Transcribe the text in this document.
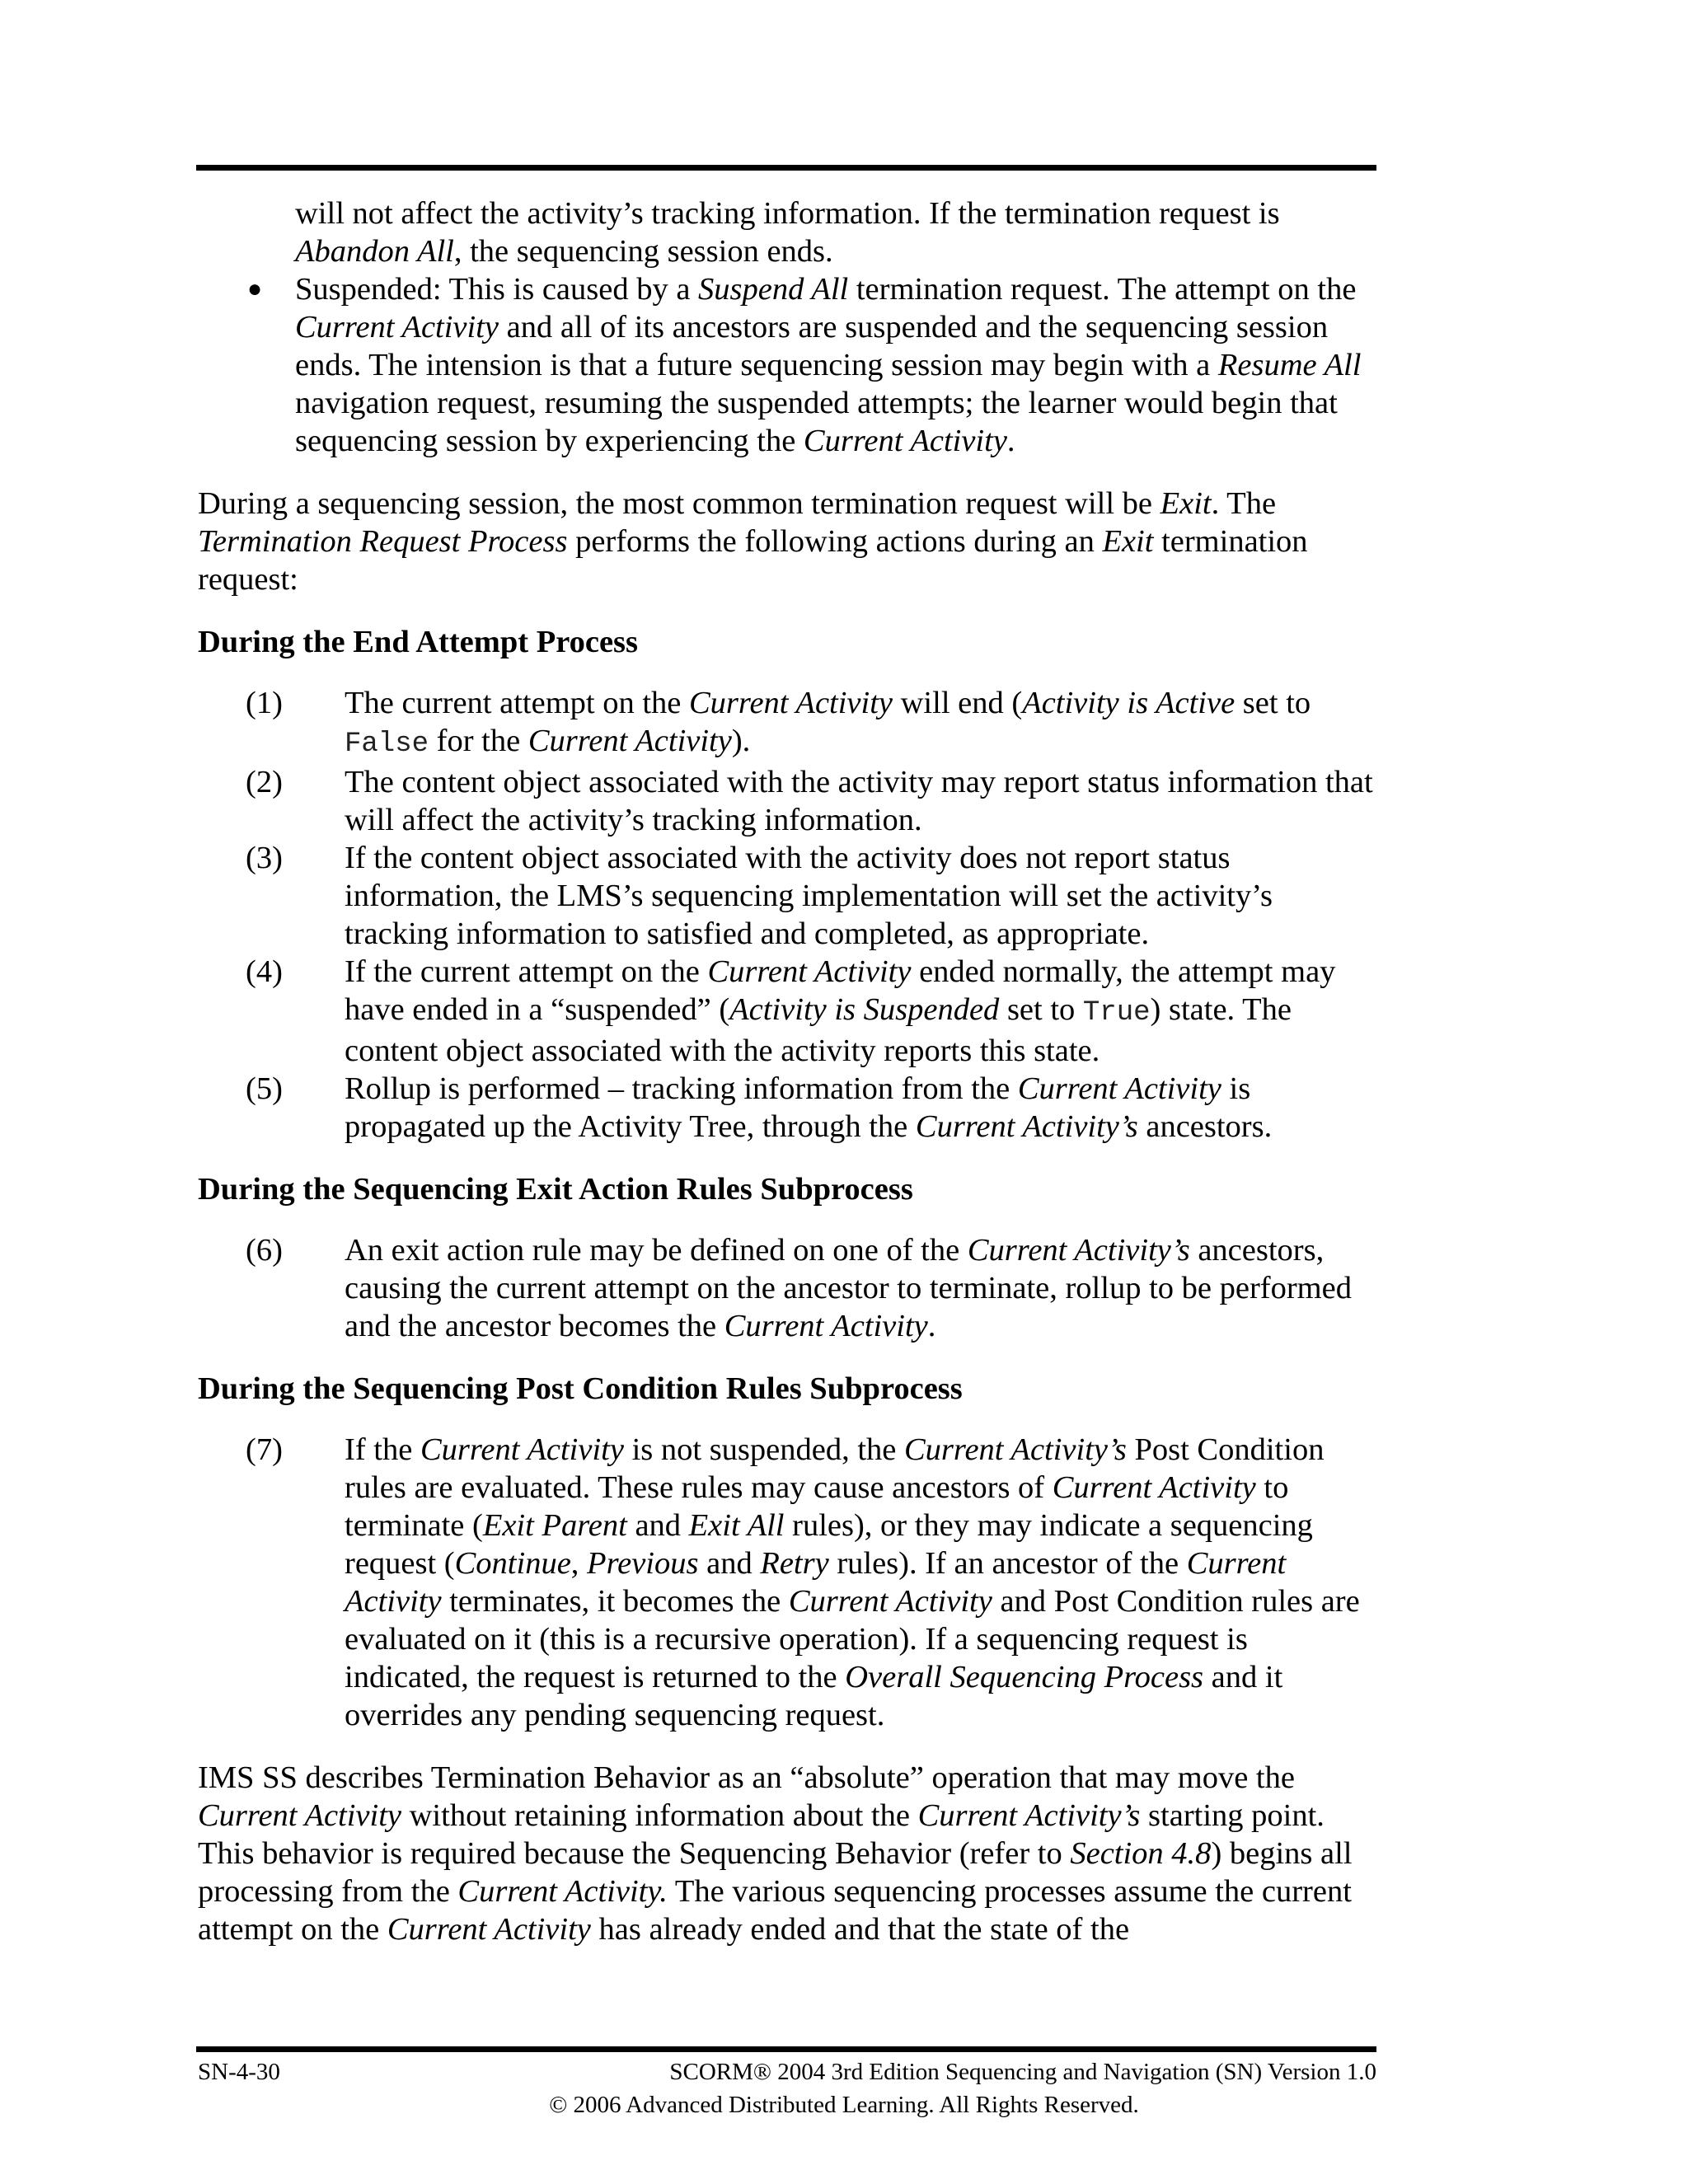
will not affect the activity’s tracking information. If the termination request is
Abandon All, the sequencing session ends.

● Suspended: This is caused by a Suspend All termination request. The attempt on the Current Activity and all of its ancestors are suspended and the sequencing session ends. The intension is that a future sequencing session may begin with a Resume All navigation request, resuming the suspended attempts; the learner would begin that sequencing session by experiencing the Current Activity.

During a sequencing session, the most common termination request will be Exit. The
Termination Request Process performs the following actions during an Exit termination request:

During the End Attempt Process

(1) The current attempt on the Current Activity will end (Activity is Active set to
False for the Current Activity).
(2) The content object associated with the activity may report status information that will affect the activity’s tracking information.
(3) If the content object associated with the activity does not report status information, the LMS’s sequencing implementation will set the activity’s tracking information to satisfied and completed, as appropriate.
(4) If the current attempt on the Current Activity ended normally, the attempt may have ended in a “suspended” (Activity is Suspended set to True) state. The content object associated with the activity reports this state.
(5) Rollup is performed – tracking information from the Current Activity is propagated up the Activity Tree, through the Current Activity’s ancestors.

During the Sequencing Exit Action Rules Subprocess

(6) An exit action rule may be defined on one of the Current Activity’s ancestors, causing the current attempt on the ancestor to terminate, rollup to be performed and the ancestor becomes the Current Activity.

During the Sequencing Post Condition Rules Subprocess

(7) If the Current Activity is not suspended, the Current Activity’s Post Condition rules are evaluated. These rules may cause ancestors of Current Activity to terminate (Exit Parent and Exit All rules), or they may indicate a sequencing request (Continue, Previous and Retry rules). If an ancestor of the Current Activity terminates, it becomes the Current Activity and Post Condition rules are evaluated on it (this is a recursive operation). If a sequencing request is indicated, the request is returned to the Overall Sequencing Process and it overrides any pending sequencing request.

IMS SS describes Termination Behavior as an “absolute” operation that may move the Current Activity without retaining information about the Current Activity’s starting point. This behavior is required because the Sequencing Behavior (refer to Section 4.8) begins all processing from the Current Activity. The various sequencing processes assume the current attempt on the Current Activity has already ended and that the state of the

SN-4-30	SCORM® 2004 3rd Edition Sequencing and Navigation (SN) Version 1.0
© 2006 Advanced Distributed Learning. All Rights Reserved.
